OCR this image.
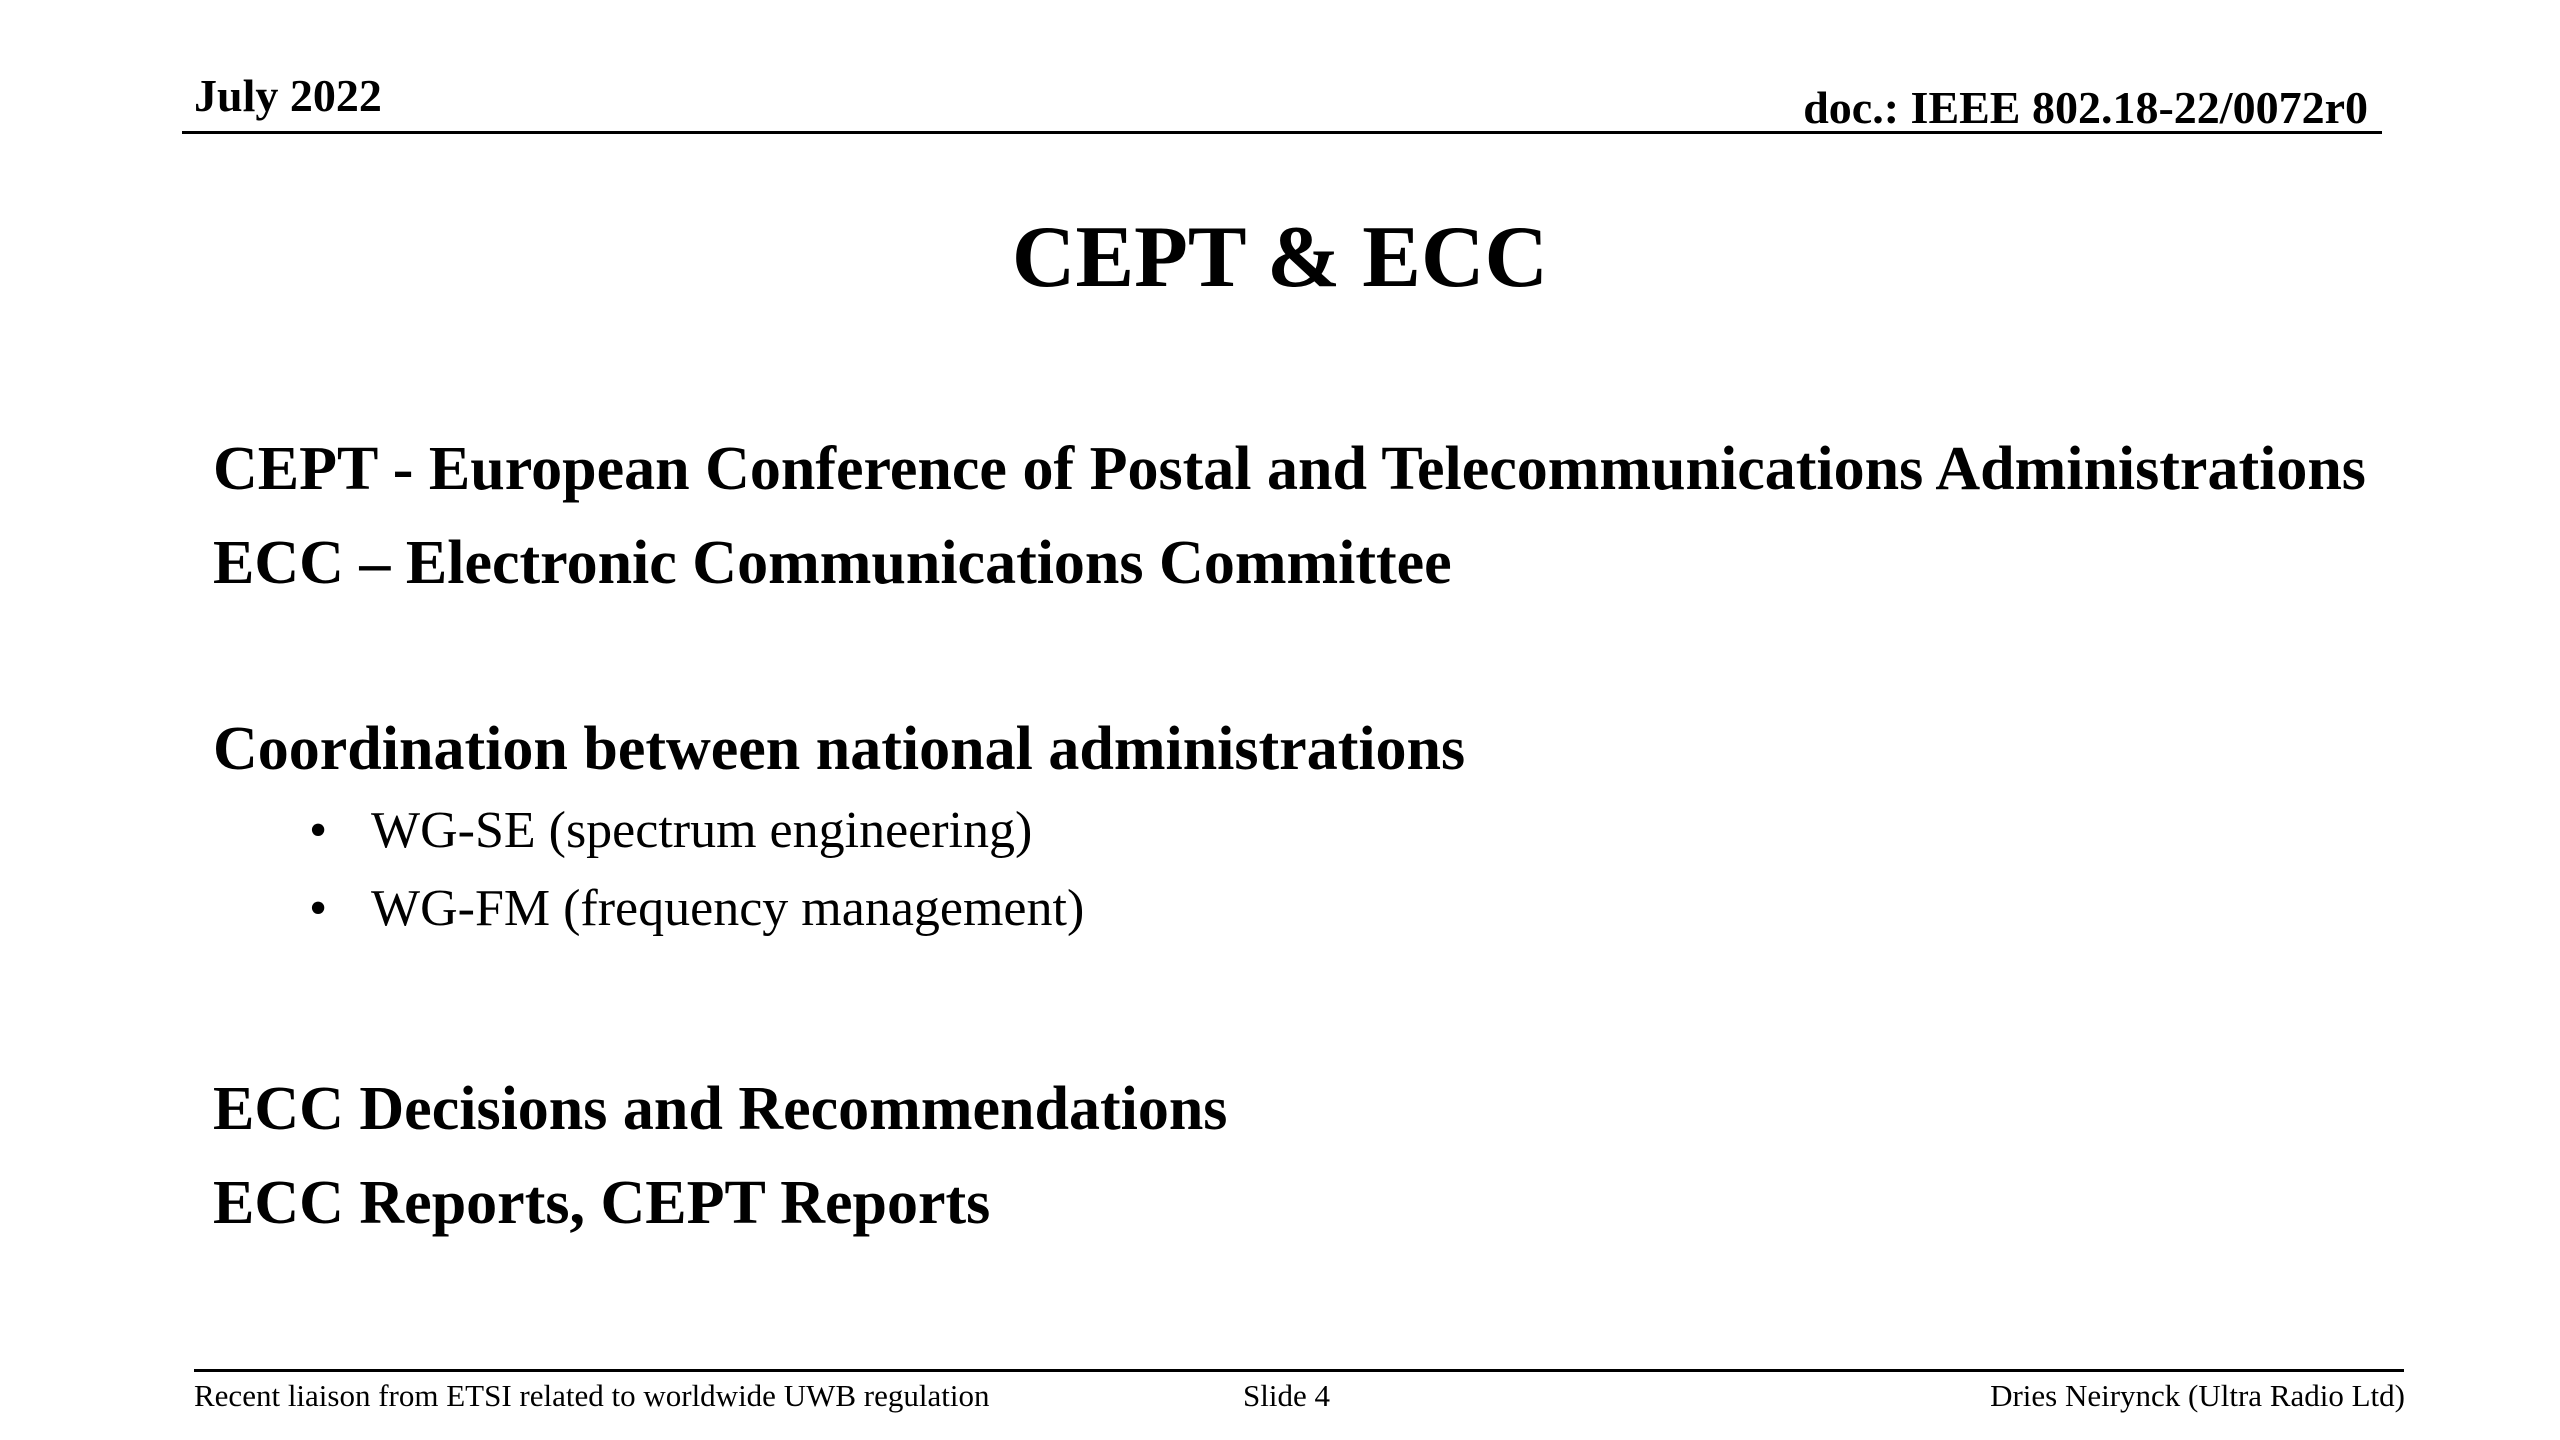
July 2022	doc.: IEEE 802.18-22/0072r0
CEPT & ECC

CEPT - European Conference of Postal and Telecommunications Administrations

ECC – Electronic Communications Committee

Coordination between national administrations

• WG-SE (spectrum engineering)
• WG-FM (frequency management)

ECC Decisions and Recommendations

ECC Reports, CEPT Reports

Recent liaison from ETSI related to worldwide UWB regulation	Slide 4	Dries Neirynck (Ultra Radio Ltd)
